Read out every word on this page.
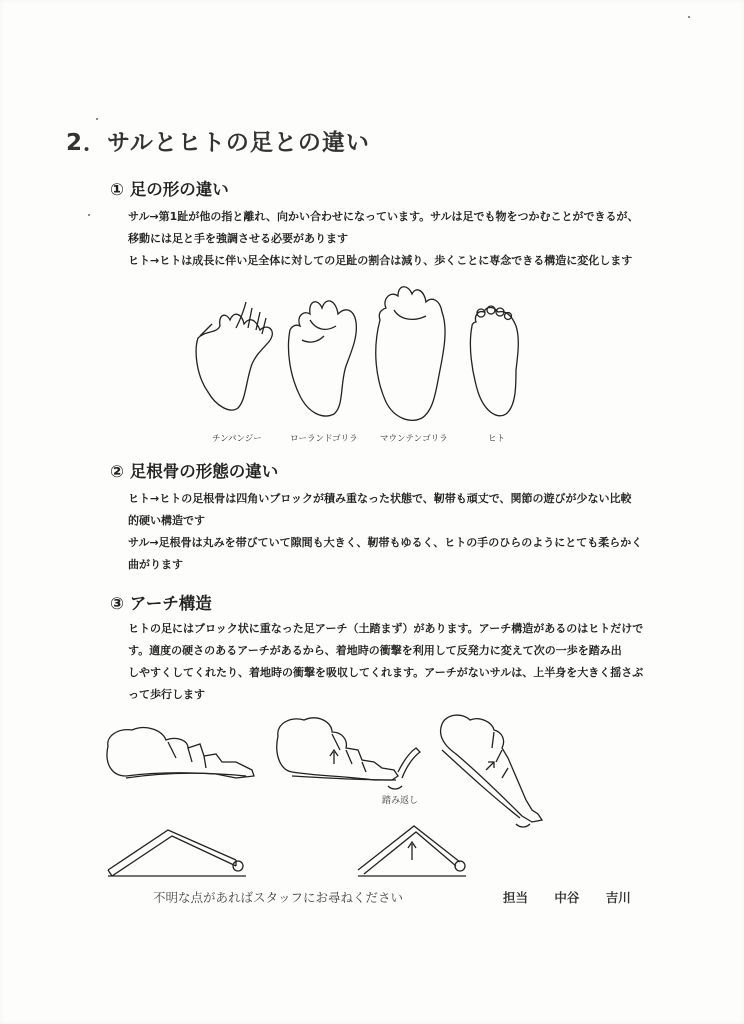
2．サルとヒトの足との違い
① 足の形の違い

サル→第1趾が他の指と離れ、向かい合わせになっています。サルは足でも物をつかむことができるが、

移動には足と手を強調させる必要があります

ヒト→ヒトは成長に伴い足全体に対しての足趾の割合は減り、歩くことに専念できる構造に変化します

チンパンジー	ローランドゴリラ	マウンテンゴリラ	ヒト
② 足根骨の形態の違い

ヒト→ヒトの足根骨は四角いブロックが積み重なった状態で、靭帯も頑丈で、関節の遊びが少ない比較

的硬い構造です

サル→足根骨は丸みを帯びていて隙間も大きく、靭帯もゆるく、ヒトの手のひらのようにとても柔らかく

曲がります

③ アーチ構造

ヒトの足にはブロック状に重なった足アーチ（土踏まず）があります。アーチ構造があるのはヒトだけで

す。適度の硬さのあるアーチがあるから、着地時の衝撃を利用して反発力に変えて次の一歩を踏み出

しやすくしてくれたり、着地時の衝撃を吸収してくれます。アーチがないサルは、上半身を大きく揺さぶ

って歩行します

踏み返し
不明な点があればスタッフにお尋ねください	担当 中谷 吉川
